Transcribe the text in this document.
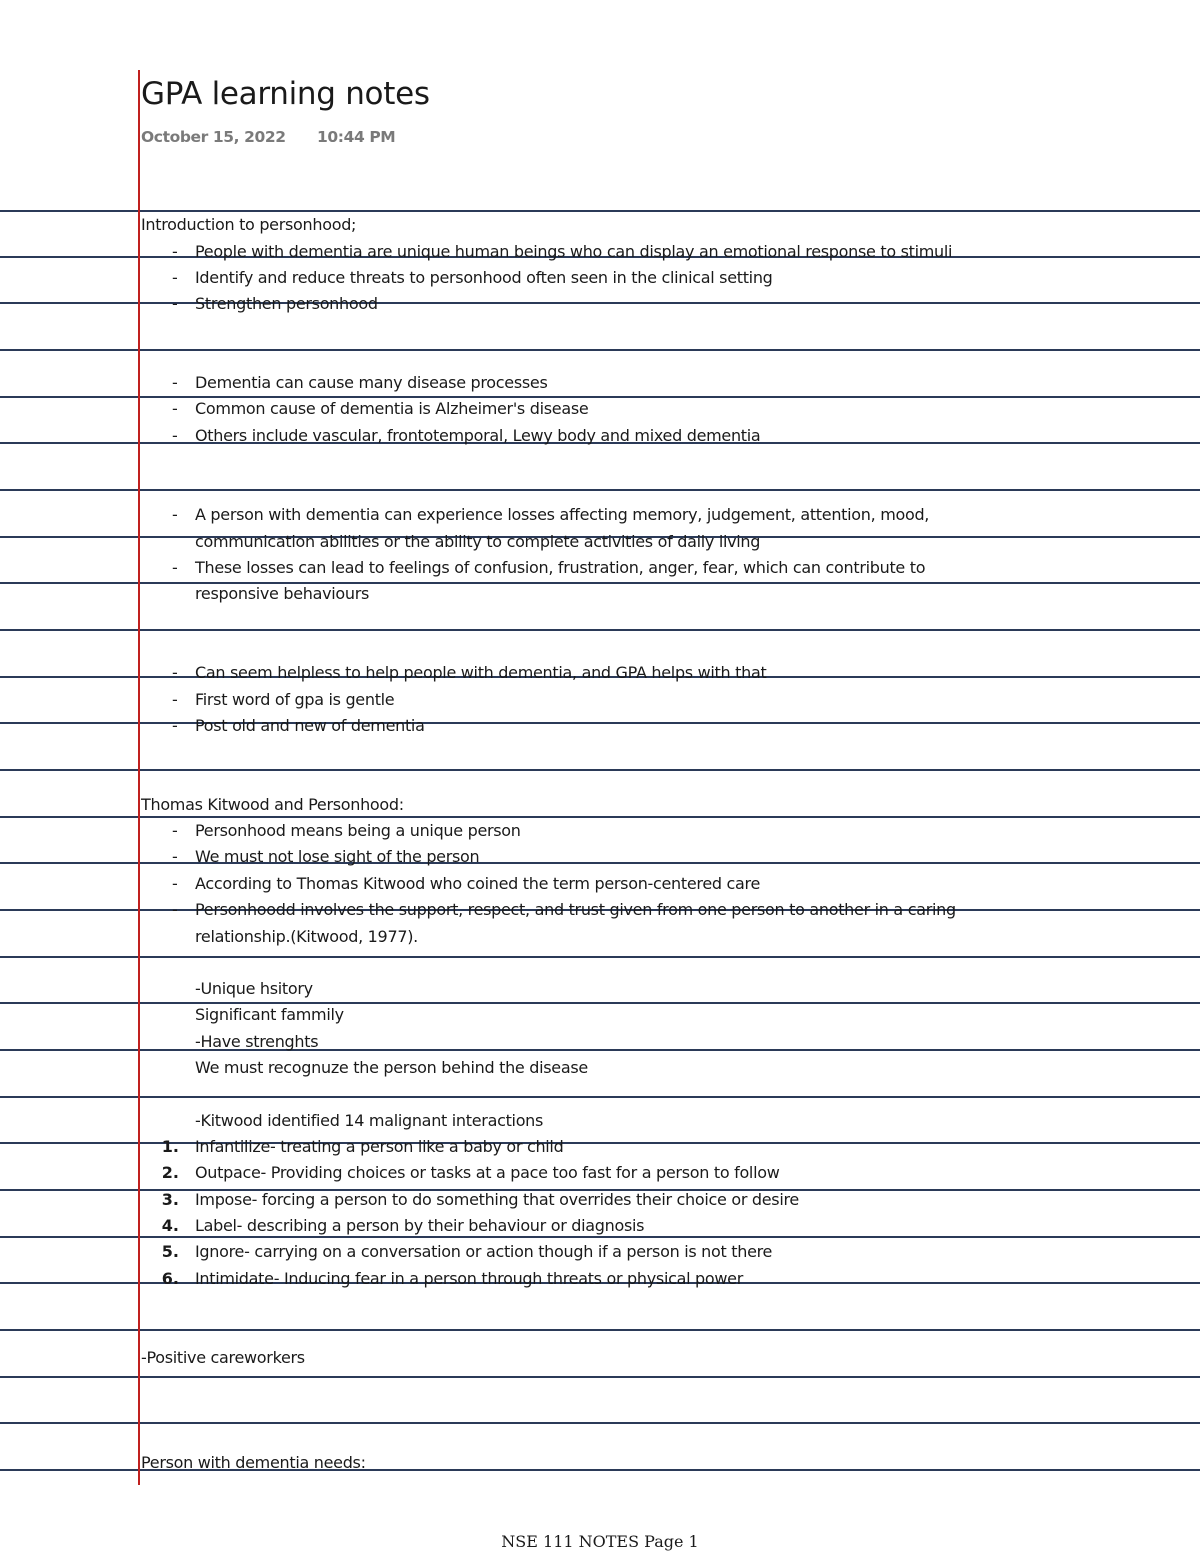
GPA learning notes
October 15, 2022 10:44 PM
Introduction to personhood;
- People with dementia are unique human beings who can display an emotional response to stimuli
- Identify and reduce threats to personhood often seen in the clinical setting
- Strengthen personhood
- Dementia can cause many disease processes
- Common cause of dementia is Alzheimer's disease
- Others include vascular, frontotemporal, Lewy body and mixed dementia
- A person with dementia can experience losses affecting memory, judgement, attention, mood,
communication abilities or the ability to complete activities of daily living
- These losses can lead to feelings of confusion, frustration, anger, fear, which can contribute to
responsive behaviours
- Can seem helpless to help people with dementia, and GPA helps with that
- First word of gpa is gentle
- Post old and new of dementia
Thomas Kitwood and Personhood:
- Personhood means being a unique person
- We must not lose sight of the person
- According to Thomas Kitwood who coined the term person-centered care
- Personhoodd involves the support, respect, and trust given from one person to another in a caring
relationship.(Kitwood, 1977).
-Unique hsitory
Significant fammily
-Have strenghts
We must recognuze the person behind the disease
-Kitwood identified 14 malignant interactions
1. Infantilize- treating a person like a baby or child
2. Outpace- Providing choices or tasks at a pace too fast for a person to follow
3. Impose- forcing a person to do something that overrides their choice or desire
4. Label- describing a person by their behaviour or diagnosis
5. Ignore- carrying on a conversation or action though if a person is not there
6. Intimidate- Inducing fear in a person through threats or physical power
-Positive careworkers
Person with dementia needs:
NSE 111 NOTES Page 1
